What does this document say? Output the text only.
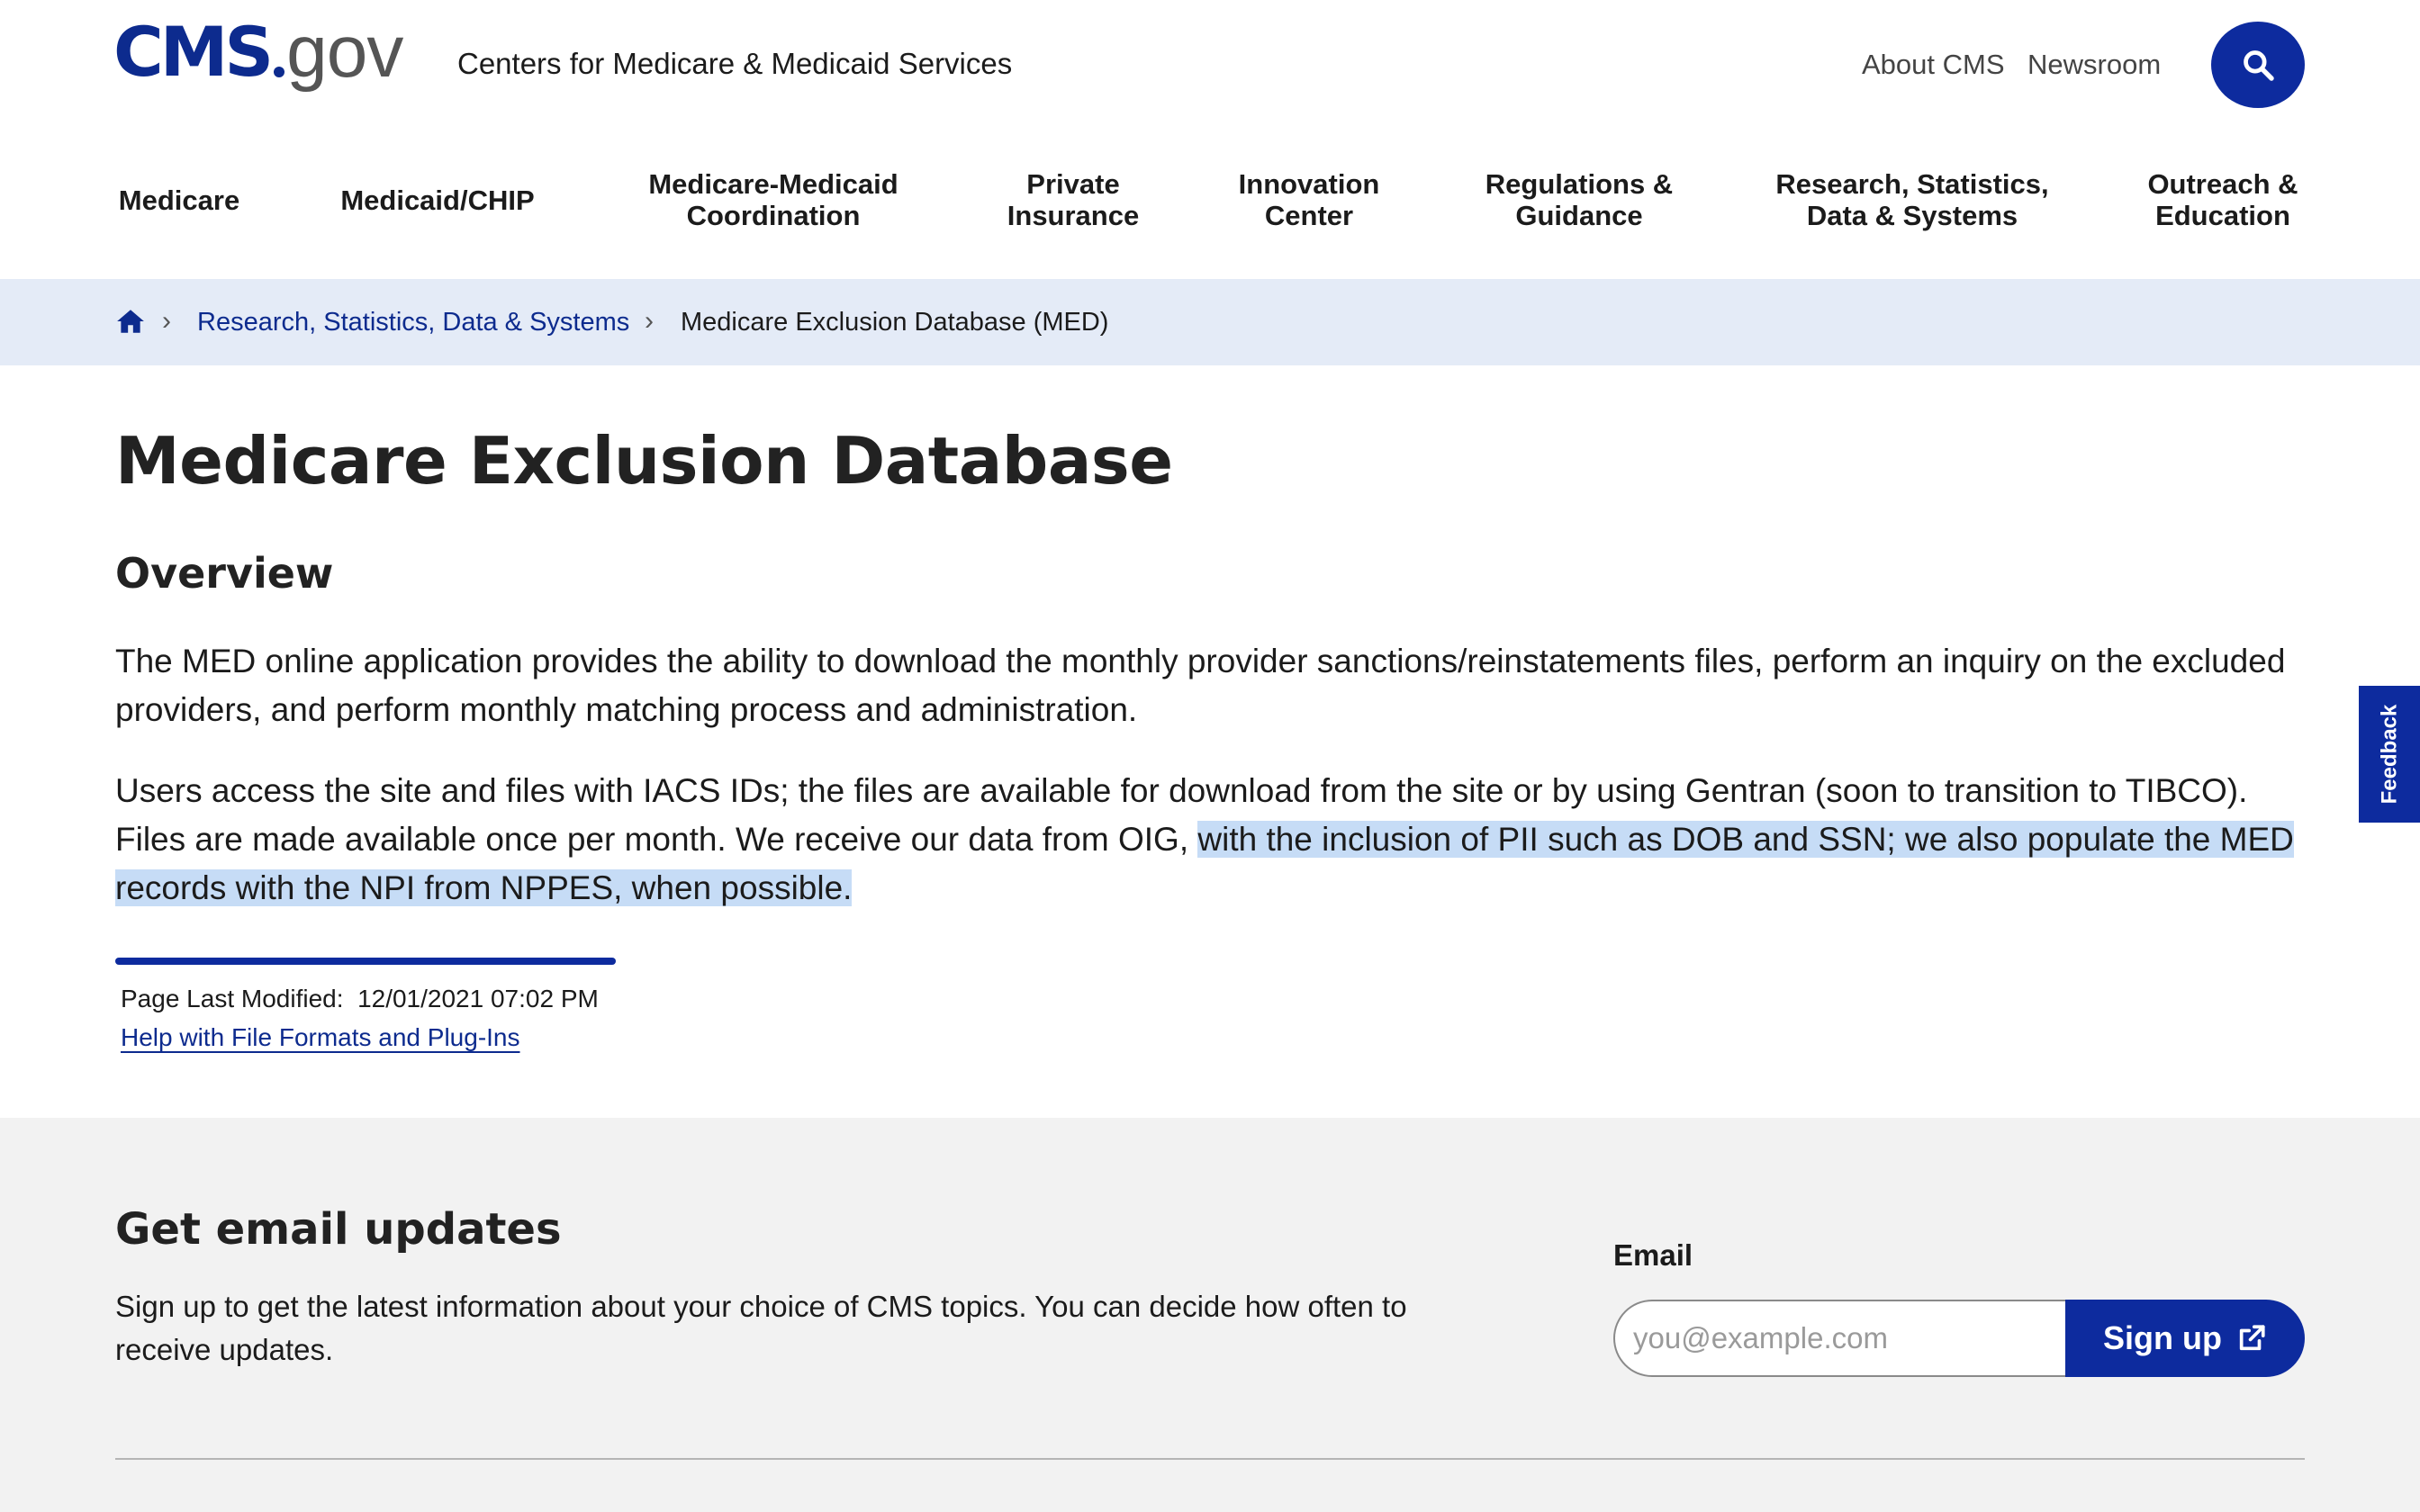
CMS gov Centers for Medicare & Medicaid Services	About CMS Newsroom
Medicare	Medicaid/CHIP	Medicare-Medicaid
Coordination
Private
Insurance
Innovation
Center
Regulations &
Guidance
Research, Statistics,
Data & Systems
Outreach &
Education
› Research, Statistics, Data & Systems › Medicare Exclusion Database (MED)
Medicare Exclusion Database
Overview

The MED online application provides the ability to download the monthly provider sanctions/reinstatements files, perform an inquiry on the excluded providers, and perform monthly matching process and administration.

Users access the site and files with IACS IDs; the files are available for download from the site or by using Gentran (soon to transition to TIBCO). Files are made available once per month. We receive our data from OIG, with the inclusion of PII such as DOB and SSN; we also populate the MED records with the NPI from NPPES, when possible.

Page Last Modified: 12/01/2021 07:02 PM
Help with File Formats and Plug-Ins
Get email updates

Sign up to get the latest information about your choice of CMS topics. You can decide how often to receive updates.

Email
you@example.com
Sign up
Feedback
